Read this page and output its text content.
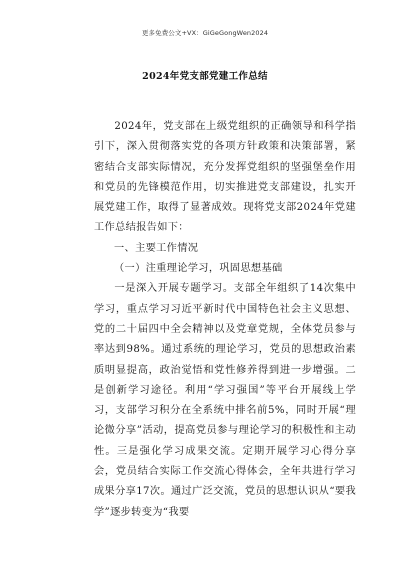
更多免费公文+VX：GiGeGongWen2024
2024年党支部党建工作总结

2024年，党支部在上级党组织的正确领导和科学指引下，深入贯彻落实党的各项方针政策和决策部署，紧密结合支部实际情况，充分发挥党组织的坚强堡垒作用和党员的先锋模范作用，切实推进党支部建设，扎实开展党建工作，取得了显著成效。现将党支部2024年党建工作总结报告如下：

一、主要工作情况

（一）注重理论学习，巩固思想基础

一是深入开展专题学习。支部全年组织了14次集中学习，重点学习习近平新时代中国特色社会主义思想、党的二十届四中全会精神以及党章党规，全体党员参与率达到98%。通过系统的理论学习，党员的思想政治素质明显提高，政治觉悟和党性修养得到进一步增强。二是创新学习途径。利用“学习强国”等平台开展线上学习，支部学习积分在全系统中排名前5%，同时开展“理论微分享”活动，提高党员参与理论学习的积极性和主动性。三是强化学习成果交流。定期开展学习心得分享会，党员结合实际工作交流心得体会，全年共进行学习成果分享17次。通过广泛交流，党员的思想认识从“要我学”逐步转变为“我要
